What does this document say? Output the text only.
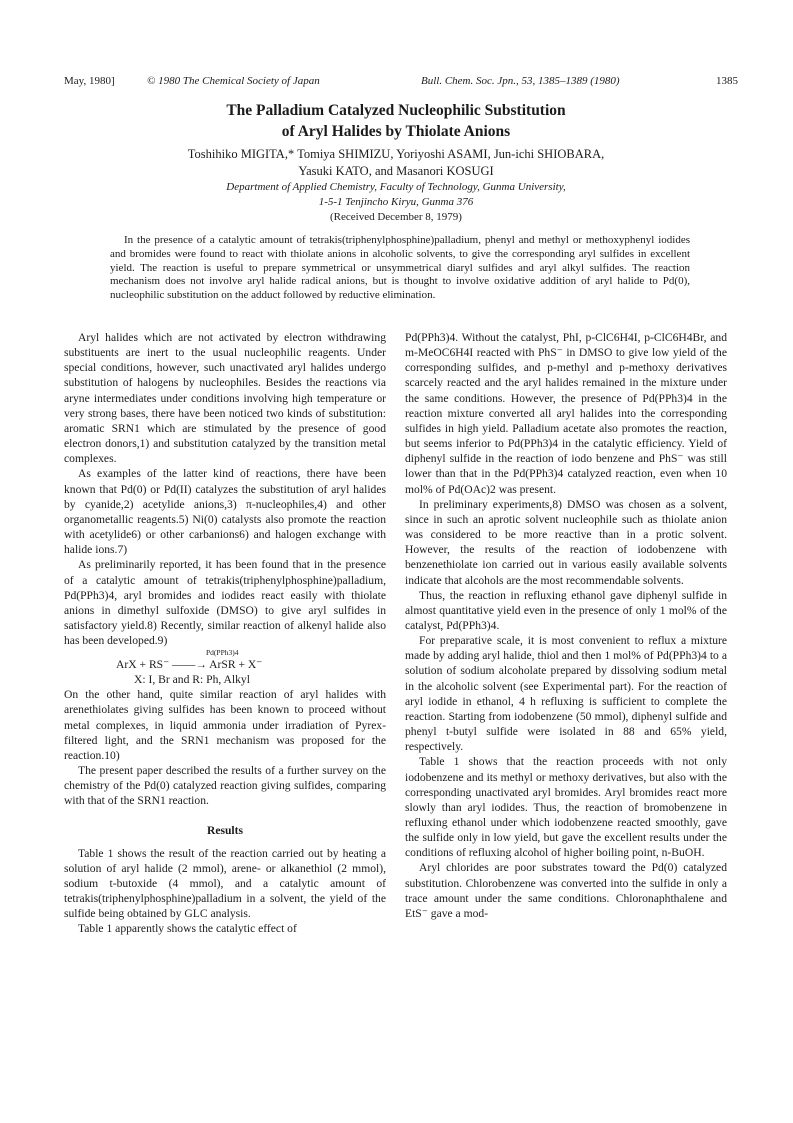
May, 1980]	© 1980 The Chemical Society of Japan	Bull. Chem. Soc. Jpn., 53, 1385–1389 (1980)	1385
The Palladium Catalyzed Nucleophilic Substitution
of Aryl Halides by Thiolate Anions
Toshihiko MIGITA,* Tomiya SHIMIZU, Yoriyoshi ASAMI, Jun-ichi SHIOBARA,
Yasuki KATO, and Masanori KOSUGI
Department of Applied Chemistry, Faculty of Technology, Gunma University,
1-5-1 Tenjincho Kiryu, Gunma 376
(Received December 8, 1979)
In the presence of a catalytic amount of tetrakis(triphenylphosphine)palladium, phenyl and methyl or methoxyphenyl iodides and bromides were found to react with thiolate anions in alcoholic solvents, to give the corresponding aryl sulfides in excellent yield. The reaction is useful to prepare symmetrical or unsymmetrical diaryl sulfides and aryl alkyl sulfides. The reaction mechanism does not involve aryl halide radical anions, but is thought to involve oxidative addition of aryl halide to Pd(0), nucleophilic substitution on the adduct followed by reductive elimination.

Aryl halides which are not activated by electron withdrawing substituents are inert to the usual nucleophilic reagents. Under special conditions, however, such unactivated aryl halides undergo substitution of halogens by nucleophiles. Besides the reactions via aryne intermediates under conditions involving high temperature or very strong bases, there have been noticed two kinds of substitution: aromatic SRN1 which are stimulated by the presence of good electron donors,1) and substitution catalyzed by the transition metal complexes.

As examples of the latter kind of reactions, there have been known that Pd(0) or Pd(II) catalyzes the substitution of aryl halides by cyanide,2) acetylide anions,3) π-nucleophiles,4) and other organometallic reagents.5) Ni(0) catalysts also promote the reaction with acetylide6) or other carbanions6) and halogen exchange with halide ions.7)

As preliminarily reported, it has been found that in the presence of a catalytic amount of tetrakis(triphenylphosphine)palladium, Pd(PPh3)4, aryl bromides and iodides react easily with thiolate anions in dimethyl sulfoxide (DMSO) to give aryl sulfides in satisfactory yield.8) Recently, similar reaction of alkenyl halide also has been developed.9)

Pd(PPh3)4
ArX + RS⁻ ——→ ArSR + X⁻
X: I, Br and R: Ph, Alkyl

On the other hand, quite similar reaction of aryl halides with arenethiolates giving sulfides has been known to proceed without metal complexes, in liquid ammonia under irradiation of Pyrex-filtered light, and the SRN1 mechanism was proposed for the reaction.10)

The present paper described the results of a further survey on the chemistry of the Pd(0) catalyzed reaction giving sulfides, comparing with that of the SRN1 reaction.

Results

Table 1 shows the result of the reaction carried out by heating a solution of aryl halide (2 mmol), arene- or alkanethiol (2 mmol), sodium t-butoxide (4 mmol), and a catalytic amount of tetrakis(triphenylphosphine)palladium in a solvent, the yield of the sulfide being obtained by GLC analysis.

Table 1 apparently shows the catalytic effect of

Pd(PPh3)4. Without the catalyst, PhI, p-ClC6H4I, p-ClC6H4Br, and m-MeOC6H4I reacted with PhS⁻ in DMSO to give low yield of the corresponding sulfides, and p-methyl and p-methoxy derivatives scarcely reacted and the aryl halides remained in the mixture under the same conditions. However, the presence of Pd(PPh3)4 in the reaction mixture converted all aryl halides into the corresponding sulfides in high yield. Palladium acetate also promotes the reaction, but seems inferior to Pd(PPh3)4 in the catalytic efficiency. Yield of diphenyl sulfide in the reaction of iodo benzene and PhS⁻ was still lower than that in the Pd(PPh3)4 catalyzed reaction, even when 10 mol% of Pd(OAc)2 was present.

In preliminary experiments,8) DMSO was chosen as a solvent, since in such an aprotic solvent nucleophile such as thiolate anion was considered to be more reactive than in a protic solvent. However, the results of the reaction of iodobenzene with benzenethiolate ion carried out in various easily available solvents indicate that alcohols are the most recommendable solvents.

Thus, the reaction in refluxing ethanol gave diphenyl sulfide in almost quantitative yield even in the presence of only 1 mol% of the catalyst, Pd(PPh3)4.

For preparative scale, it is most convenient to reflux a mixture made by adding aryl halide, thiol and then 1 mol% of Pd(PPh3)4 to a solution of sodium alcoholate prepared by dissolving sodium metal in the alcoholic solvent (see Experimental part). For the reaction of aryl iodide in ethanol, 4 h refluxing is sufficient to complete the reaction. Starting from iodobenzene (50 mmol), diphenyl sulfide and phenyl t-butyl sulfide were isolated in 88 and 65% yield, respectively.

Table 1 shows that the reaction proceeds with not only iodobenzene and its methyl or methoxy derivatives, but also with the corresponding unactivated aryl bromides. Aryl bromides react more slowly than aryl iodides. Thus, the reaction of bromobenzene in refluxing ethanol under which iodobenzene reacted smoothly, gave the sulfide only in low yield, but gave the excellent results under the conditions of refluxing alcohol of higher boiling point, n-BuOH.

Aryl chlorides are poor substrates toward the Pd(0) catalyzed substitution. Chlorobenzene was converted into the sulfide in only a trace amount under the same conditions. Chloronaphthalene and EtS⁻ gave a mod-
